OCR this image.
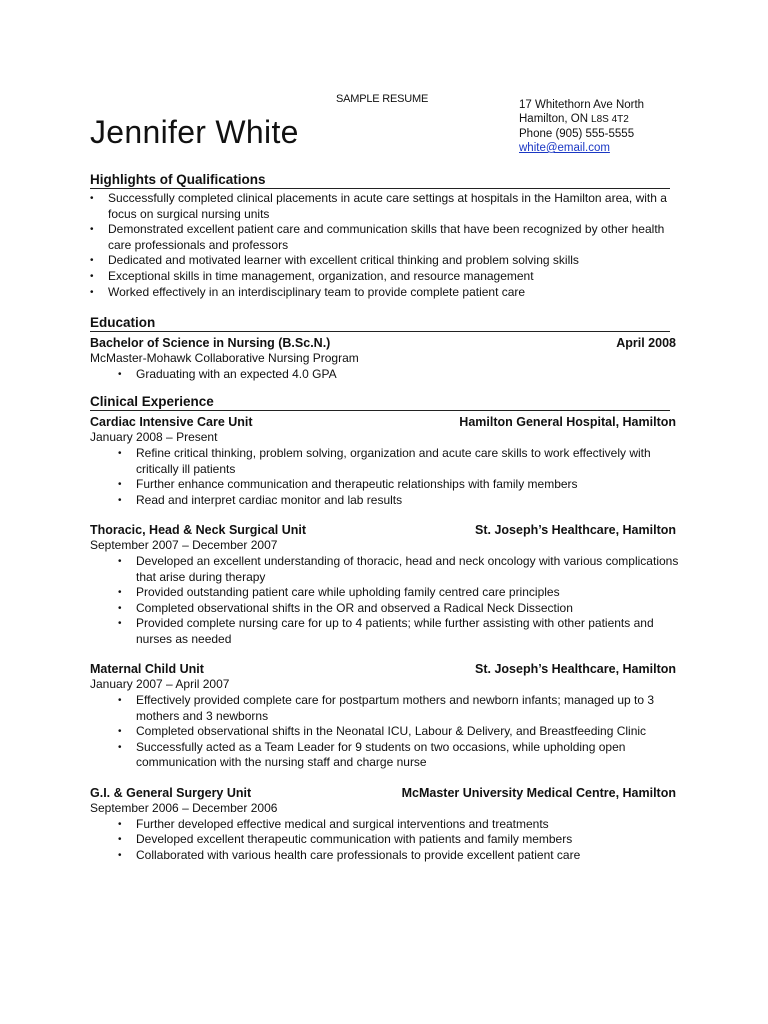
SAMPLE RESUME
Jennifer White
17 Whitethorn Ave North
Hamilton, ON L8S 4T2
Phone (905) 555-5555
white@email.com
Highlights of Qualifications
• Successfully completed clinical placements in acute care settings at hospitals in the Hamilton area, with a focus on surgical nursing units
• Demonstrated excellent patient care and communication skills that have been recognized by other health care professionals and professors
• Dedicated and motivated learner with excellent critical thinking and problem solving skills
• Exceptional skills in time management, organization, and resource management
• Worked effectively in an interdisciplinary team to provide complete patient care
Education
Bachelor of Science in Nursing (B.Sc.N.)	April 2008
McMaster-Mohawk Collaborative Nursing Program
• Graduating with an expected 4.0 GPA
Clinical Experience
Cardiac Intensive Care Unit	Hamilton General Hospital, Hamilton
January 2008 – Present
• Refine critical thinking, problem solving, organization and acute care skills to work effectively with critically ill patients
• Further enhance communication and therapeutic relationships with family members
• Read and interpret cardiac monitor and lab results
Thoracic, Head & Neck Surgical Unit	St. Joseph’s Healthcare, Hamilton
September 2007 – December 2007
• Developed an excellent understanding of thoracic, head and neck oncology with various complications that arise during therapy
• Provided outstanding patient care while upholding family centred care principles
• Completed observational shifts in the OR and observed a Radical Neck Dissection
• Provided complete nursing care for up to 4 patients; while further assisting with other patients and nurses as needed
Maternal Child Unit	St. Joseph’s Healthcare, Hamilton
January 2007 – April 2007
• Effectively provided complete care for postpartum mothers and newborn infants; managed up to 3 mothers and 3 newborns
• Completed observational shifts in the Neonatal ICU, Labour & Delivery, and Breastfeeding Clinic
• Successfully acted as a Team Leader for 9 students on two occasions, while upholding open communication with the nursing staff and charge nurse
G.I. & General Surgery Unit	McMaster University Medical Centre, Hamilton
September 2006 – December 2006
• Further developed effective medical and surgical interventions and treatments
• Developed excellent therapeutic communication with patients and family members
• Collaborated with various health care professionals to provide excellent patient care
